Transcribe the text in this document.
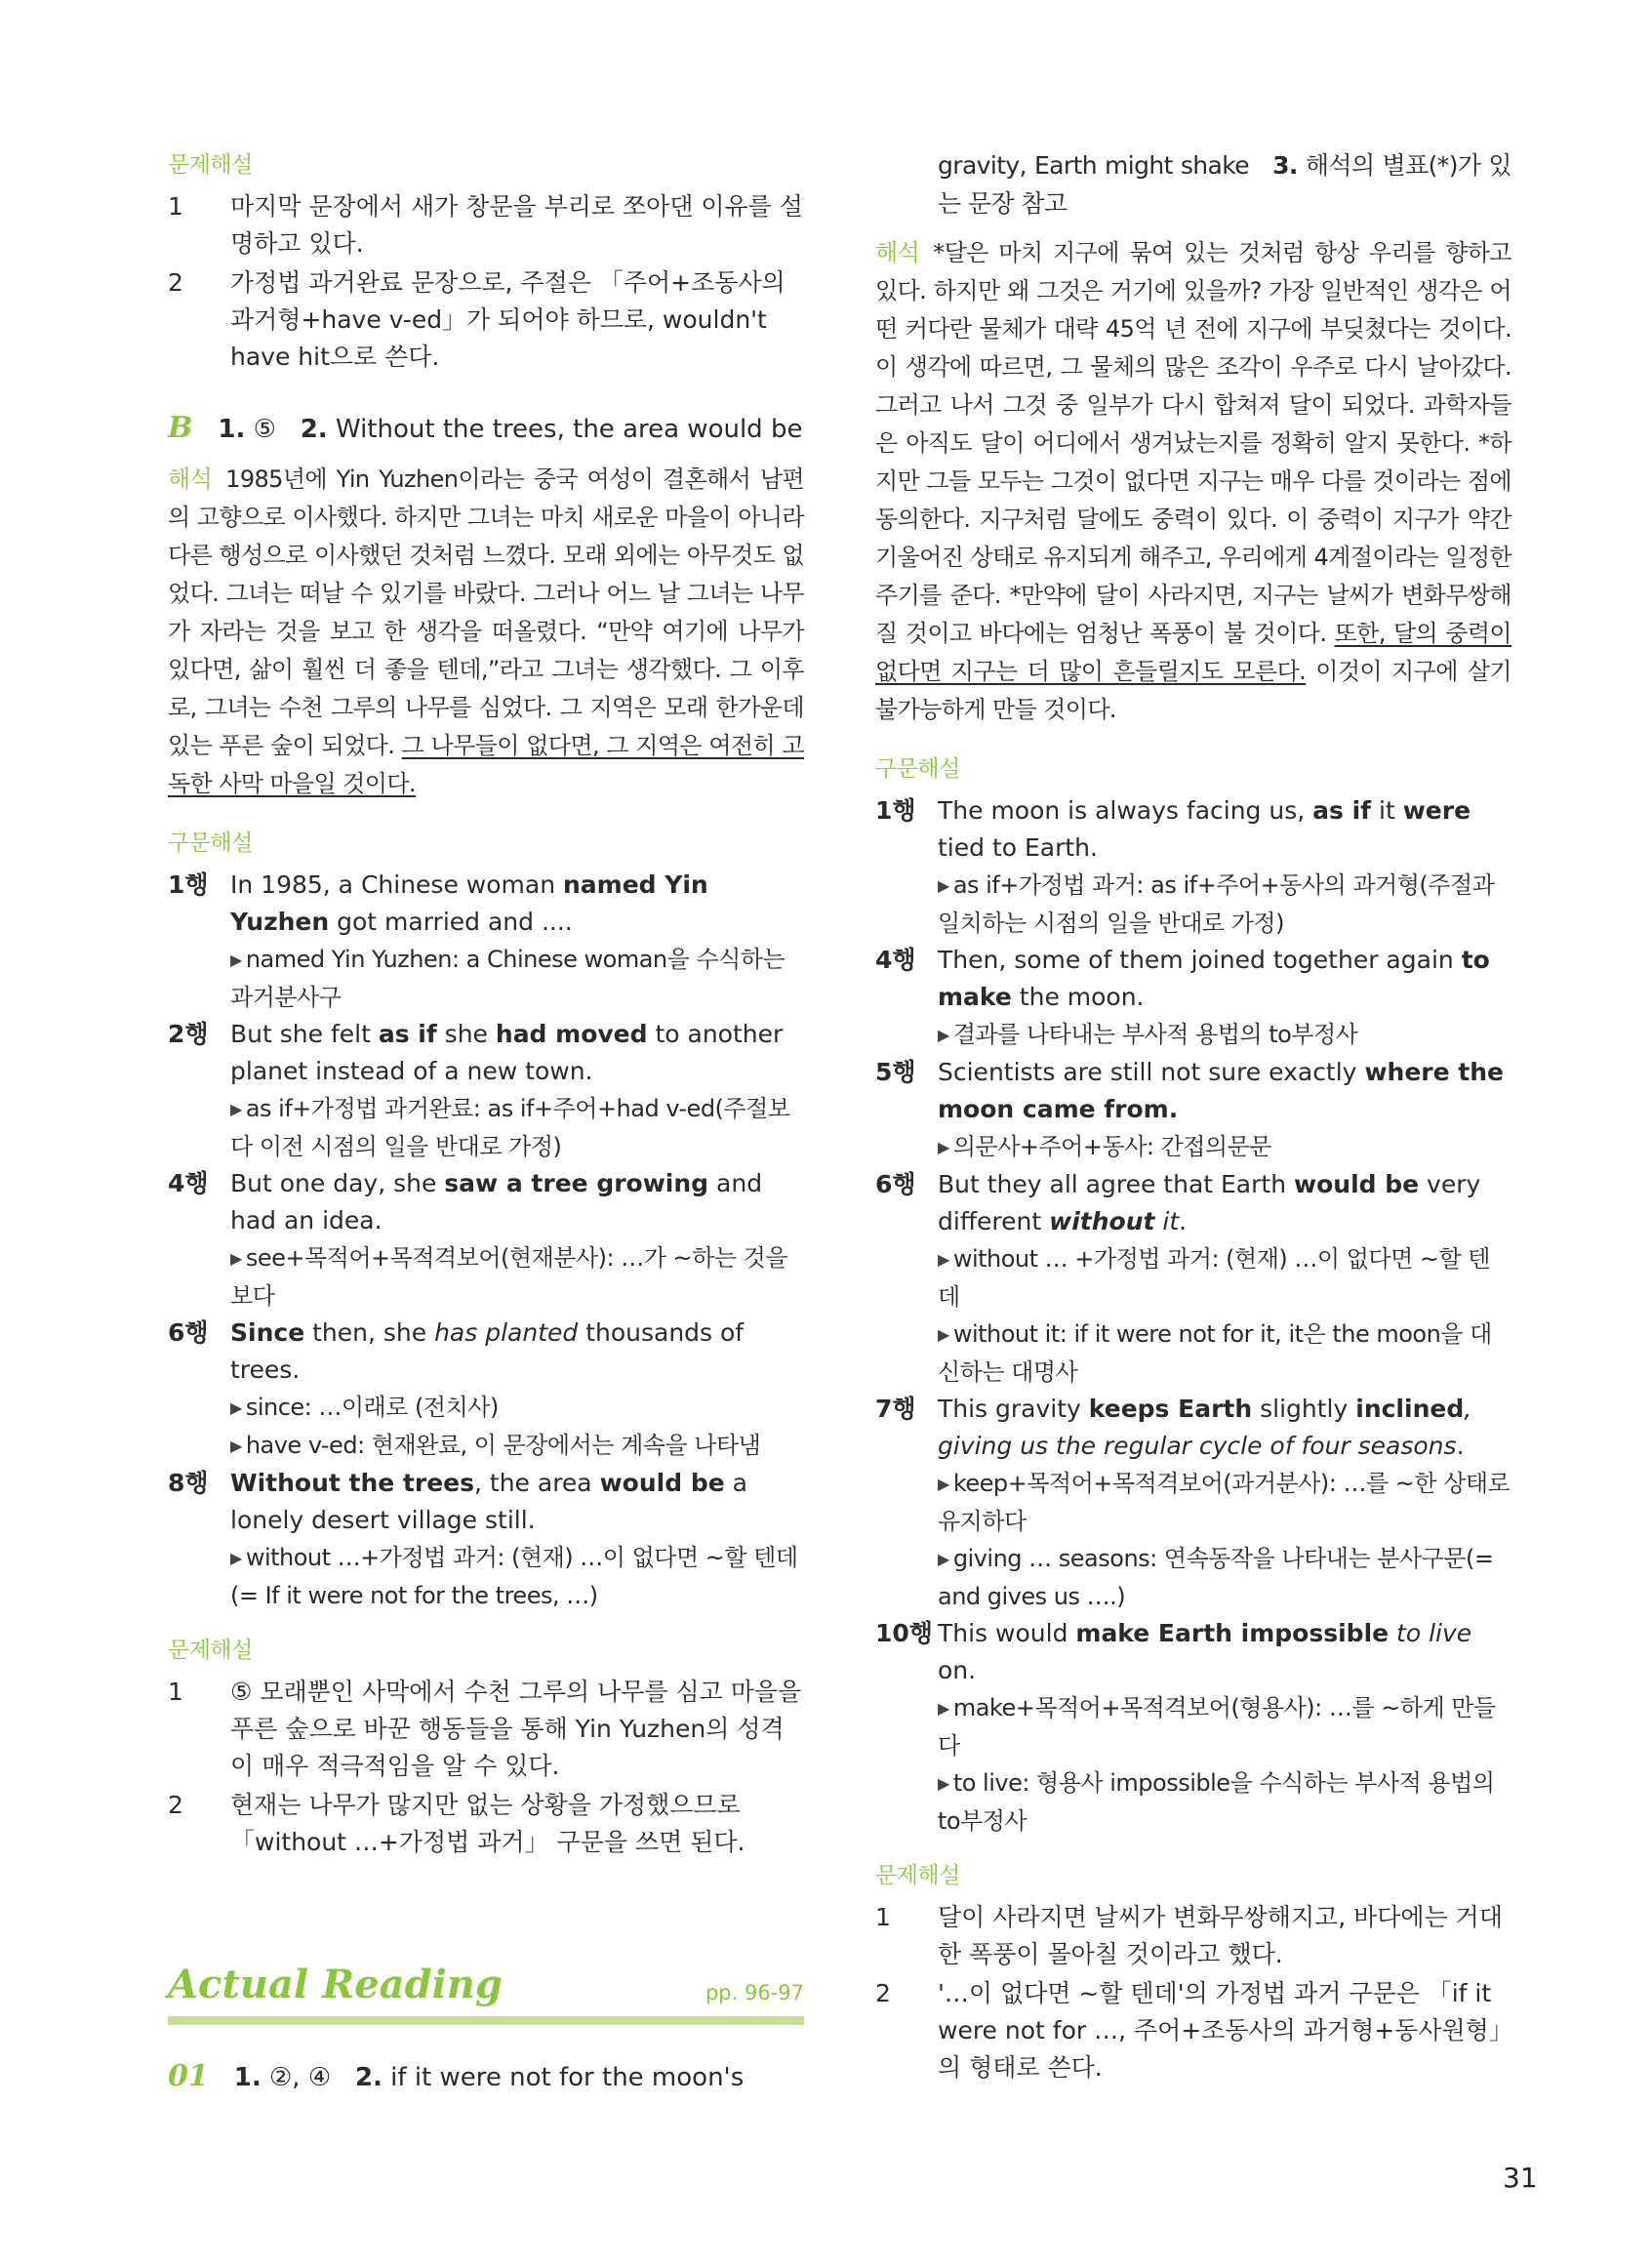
문제해설
1	마지막 문장에서 새가 창문을 부리로 쪼아댄 이유를 설명하고 있다.
2	가정법 과거완료 문장으로, 주절은 「주어+조동사의 과거형+have v-ed」가 되어야 하므로, wouldn't have hit으로 쓴다.
B 1.
⑤
2.
Without the trees, the area would be
해석 1985년에 Yin Yuzhen이라는 중국 여성이 결혼해서 남편의 고향으로 이사했다. 하지만 그녀는 마치 새로운 마을이 아니라 다른 행성으로 이사했던 것처럼 느꼈다. 모래 외에는 아무것도 없었다. 그녀는 떠날 수 있기를 바랐다. 그러나 어느 날 그녀는 나무가 자라는 것을 보고 한 생각을 떠올렸다. “만약 여기에 나무가 있다면, 삶이 훨씬 더 좋을 텐데,”라고 그녀는 생각했다. 그 이후로, 그녀는 수천 그루의 나무를 심었다. 그 지역은 모래 한가운데 있는 푸른 숲이 되었다. 그 나무들이 없다면, 그 지역은 여전히 고독한 사막 마을일 것이다.
구문해설
1행 In 1985, a Chinese woman named Yin Yuzhen got married and ....
▶ named Yin Yuzhen: a Chinese woman을 수식하는 과거분사구
2행 But she felt as if she had moved to another planet instead of a new town.
▶ as if+가정법 과거완료: as if+주어+had v-ed(주절보다 이전 시점의 일을 반대로 가정)
4행 But one day, she saw a tree growing and had an idea.
▶ see+목적어+목적격보어(현재분사): …가 ~하는 것을 보다
6행 Since then, she has planted thousands of trees.
▶ since: …이래로 (전치사)
▶ have v-ed: 현재완료, 이 문장에서는 계속을 나타냄
8행 Without the trees, the area would be a lonely desert village still.
▶ without …+가정법 과거: (현재) …이 없다면 ~할 텐데(= If it were not for the trees, …)
문제해설
1	⑤ 모래뿐인 사막에서 수천 그루의 나무를 심고 마을을 푸른 숲으로 바꾼 행동들을 통해 Yin Yuzhen의 성격이 매우 적극적임을 알 수 있다.
2	현재는 나무가 많지만 없는 상황을 가정했으므로 「without …+가정법 과거」 구문을 쓰면 된다.
Actual Reading	pp. 96-97
01 1.
②, ④
2.
if it were not for the moon's
gravity, Earth might shake 3. 해석의 별표(*)가 있는 문장 참고
해석 *달은 마치 지구에 묶여 있는 것처럼 항상 우리를 향하고 있다. 하지만 왜 그것은 거기에 있을까? 가장 일반적인 생각은 어떤 커다란 물체가 대략 45억 년 전에 지구에 부딪쳤다는 것이다. 이 생각에 따르면, 그 물체의 많은 조각이 우주로 다시 날아갔다. 그러고 나서 그것 중 일부가 다시 합쳐져 달이 되었다. 과학자들은 아직도 달이 어디에서 생겨났는지를 정확히 알지 못한다. *하지만 그들 모두는 그것이 없다면 지구는 매우 다를 것이라는 점에 동의한다. 지구처럼 달에도 중력이 있다. 이 중력이 지구가 약간 기울어진 상태로 유지되게 해주고, 우리에게 4계절이라는 일정한 주기를 준다. *만약에 달이 사라지면, 지구는 날씨가 변화무쌍해질 것이고 바다에는 엄청난 폭풍이 불 것이다. 또한, 달의 중력이 없다면 지구는 더 많이 흔들릴지도 모른다. 이것이 지구에 살기 불가능하게 만들 것이다.
구문해설
1행 The moon is always facing us, as if it were tied to Earth.
▶ as if+가정법 과거: as if+주어+동사의 과거형(주절과 일치하는 시점의 일을 반대로 가정)
4행 Then, some of them joined together again to make the moon.
▶ 결과를 나타내는 부사적 용법의 to부정사
5행 Scientists are still not sure exactly where the moon came from.
▶ 의문사+주어+동사: 간접의문문
6행 But they all agree that Earth would be very different without it.
▶ without … +가정법 과거: (현재) …이 없다면 ~할 텐데
▶ without it: if it were not for it, it은 the moon을 대신하는 대명사
7행 This gravity keeps Earth slightly inclined, giving us the regular cycle of four seasons.
▶ keep+목적어+목적격보어(과거분사): …를 ~한 상태로 유지하다
▶ giving … seasons: 연속동작을 나타내는 분사구문(= and gives us ….)
10행 This would make Earth impossible to live on.
▶ make+목적어+목적격보어(형용사): …를 ~하게 만들다
▶ to live: 형용사 impossible을 수식하는 부사적 용법의 to부정사
문제해설
1	달이 사라지면 날씨가 변화무쌍해지고, 바다에는 거대한 폭풍이 몰아칠 것이라고 했다.
2	'…이 없다면 ~할 텐데'의 가정법 과거 구문은 「if it were not for …, 주어+조동사의 과거형+동사원형」의 형태로 쓴다.
31
